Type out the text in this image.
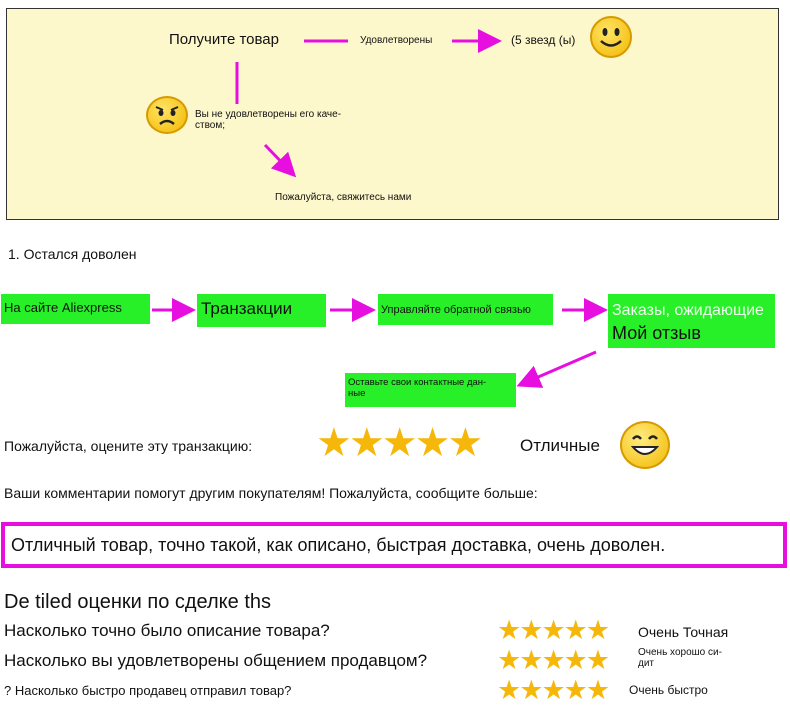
Получите товар	Удовлетворены	(5 звезд (ы)
Вы не удовлетворены его каче-
ством;
Пожалуйста, свяжитесь нами
1. Остался доволен
На сайте Aliexpress	Транзакции	Управляйте обратной связью	Заказы, ожидающие
Мой отзыв
Оставьте свои контактные дан-
ные
Пожалуйста, оцените эту транзакцию: ★★★★★ Отличные
Ваши комментарии помогут другим покупателям! Пожалуйста, сообщите больше:
Отличный товар, точно такой, как описано, быстрая доставка, очень доволен.
De tiled оценки по сделке ths
Насколько точно было описание товара?	★★★★★ Очень Точная
Насколько вы удовлетворены общением продавцом?	★★★★★	Очень хорошо си-
дит
? Насколько быстро продавец отправил товар?	★★★★★ Очень быстро
